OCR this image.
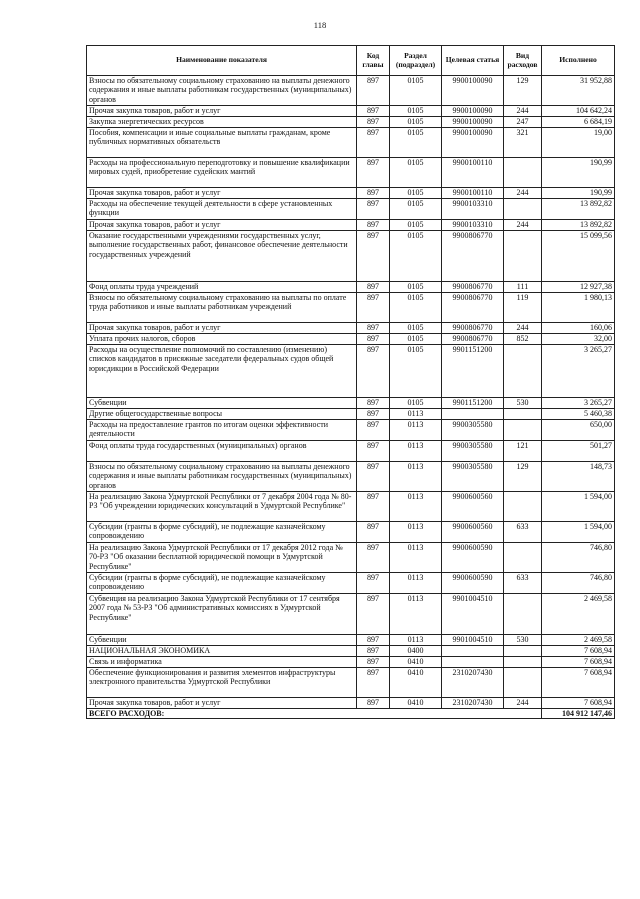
118
Наименование показателя	Код главы	Раздел (подраздел)	Целевая статья	Вид расходов	Исполнено
Взносы по обязательному социальному страхованию на выплаты денежного содержания и иные выплаты работникам государственных (муниципальных) органов	897	0105	9900100090	129	31 952,88
Прочая закупка товаров, работ и услуг	897	0105	9900100090	244	104 642,24
Закупка энергетических ресурсов	897	0105	9900100090	247	6 684,19
Пособия, компенсации и иные социальные выплаты гражданам, кроме публичных нормативных обязательств	897	0105	9900100090	321	19,00
Расходы на профессиональную переподготовку и повышение квалификации мировых судей, приобретение судейских мантий	897	0105	9900100110		190,99
Прочая закупка товаров, работ и услуг	897	0105	9900100110	244	190,99
Расходы на обеспечение текущей деятельности в сфере установленных функции	897	0105	9900103310		13 892,82
Прочая закупка товаров, работ и услуг	897	0105	9900103310	244	13 892,82
Оказание государственными учреждениями государственных услуг, выполнение государственных работ, финансовое обеспечение деятельности государственных учреждений	897	0105	9900806770		15 099,56
Фонд оплаты труда учреждений	897	0105	9900806770	111	12 927,38
Взносы по обязательному социальному страхованию на выплаты по оплате труда работников и иные выплаты работникам учреждений	897	0105	9900806770	119	1 980,13
Прочая закупка товаров, работ и услуг	897	0105	9900806770	244	160,06
Уплата прочих налогов, сборов	897	0105	9900806770	852	32,00
Расходы на осуществление полномочий по составлению (изменению) списков кандидатов в присяжные заседатели федеральных судов общей юрисдикции в Российской Федерации	897	0105	9901151200		3 265,27
Субвенции	897	0105	9901151200	530	3 265,27
Другие общегосударственные вопросы	897	0113			5 460,38
Расходы на предоставление грантов по итогам оценки эффективности деятельности	897	0113	9900305580		650,00
Фонд оплаты труда государственных (муниципальных) органов	897	0113	9900305580	121	501,27
Взносы по обязательному социальному страхованию на выплаты денежного содержания и иные выплаты работникам государственных (муниципальных) органов	897	0113	9900305580	129	148,73
На реализацию Закона Удмуртской Республики от 7 декабря 2004 года № 80-РЗ "Об учреждении юридических консультаций в Удмуртской Республике"	897	0113	9900600560		1 594,00
Субсидии (гранты в форме субсидий), не подлежащие казначейскому сопровождению	897	0113	9900600560	633	1 594,00
На реализацию Закона Удмуртской Республики от 17 декабря 2012 года № 70-РЗ "Об оказании бесплатной юридической помощи в Удмуртской Республике"	897	0113	9900600590		746,80
Субсидии (гранты в форме субсидий), не подлежащие казначейскому сопровождению	897	0113	9900600590	633	746,80
Субвенция на реализацию Закона Удмуртской Республики от 17 сентября 2007 года № 53-РЗ "Об административных комиссиях в Удмуртской Республике"	897	0113	9901004510		2 469,58
Субвенции	897	0113	9901004510	530	2 469,58
НАЦИОНАЛЬНАЯ ЭКОНОМИКА	897	0400			7 608,94
Связь и информатика	897	0410			7 608,94
Обеспечение функционирования и развития элементов инфраструктуры электронного правительства Удмуртской Республики	897	0410	2310207430		7 608,94
Прочая закупка товаров, работ и услуг	897	0410	2310207430	244	7 608,94
ВСЕГО РАСХОДОВ:					104 912 147,46
